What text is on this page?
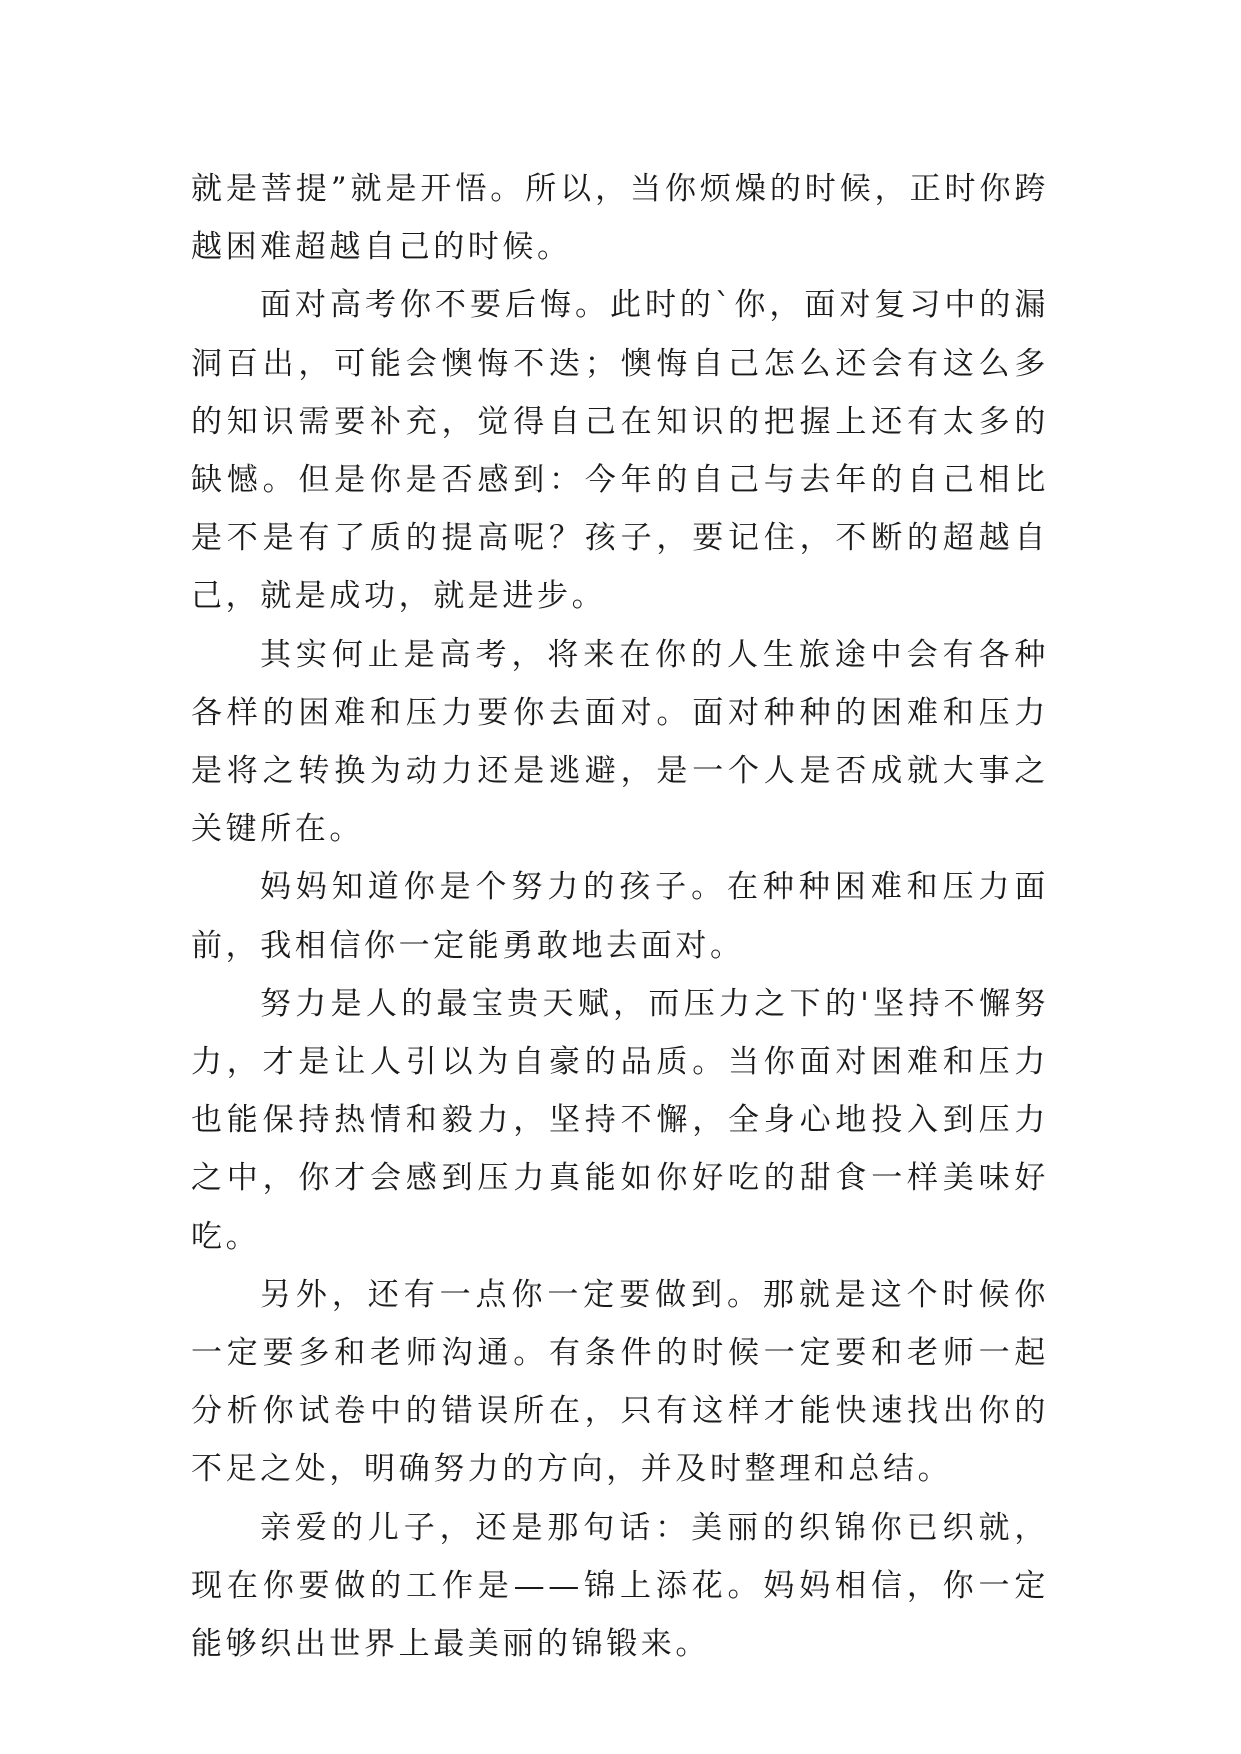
就是菩提”就是开悟。所以，当你烦燥的时候，正时你跨越困难超越自己的时候。

面对高考你不要后悔。此时的`你，面对复习中的漏洞百出，可能会懊悔不迭；懊悔自己怎么还会有这么多的知识需要补充，觉得自己在知识的把握上还有太多的缺憾。但是你是否感到：今年的自己与去年的自己相比是不是有了质的提高呢？孩子，要记住，不断的超越自己，就是成功，就是进步。

其实何止是高考，将来在你的人生旅途中会有各种各样的困难和压力要你去面对。面对种种的困难和压力是将之转换为动力还是逃避，是一个人是否成就大事之关键所在。

妈妈知道你是个努力的孩子。在种种困难和压力面前，我相信你一定能勇敢地去面对。

努力是人的最宝贵天赋，而压力之下的'坚持不懈努力，才是让人引以为自豪的品质。当你面对困难和压力也能保持热情和毅力，坚持不懈，全身心地投入到压力之中，你才会感到压力真能如你好吃的甜食一样美味好吃。

另外，还有一点你一定要做到。那就是这个时候你一定要多和老师沟通。有条件的时候一定要和老师一起分析你试卷中的错误所在，只有这样才能快速找出你的不足之处，明确努力的方向，并及时整理和总结。

亲爱的儿子，还是那句话：美丽的织锦你已织就，现在你要做的工作是——锦上添花。妈妈相信，你一定能够织出世界上最美丽的锦锻来。
